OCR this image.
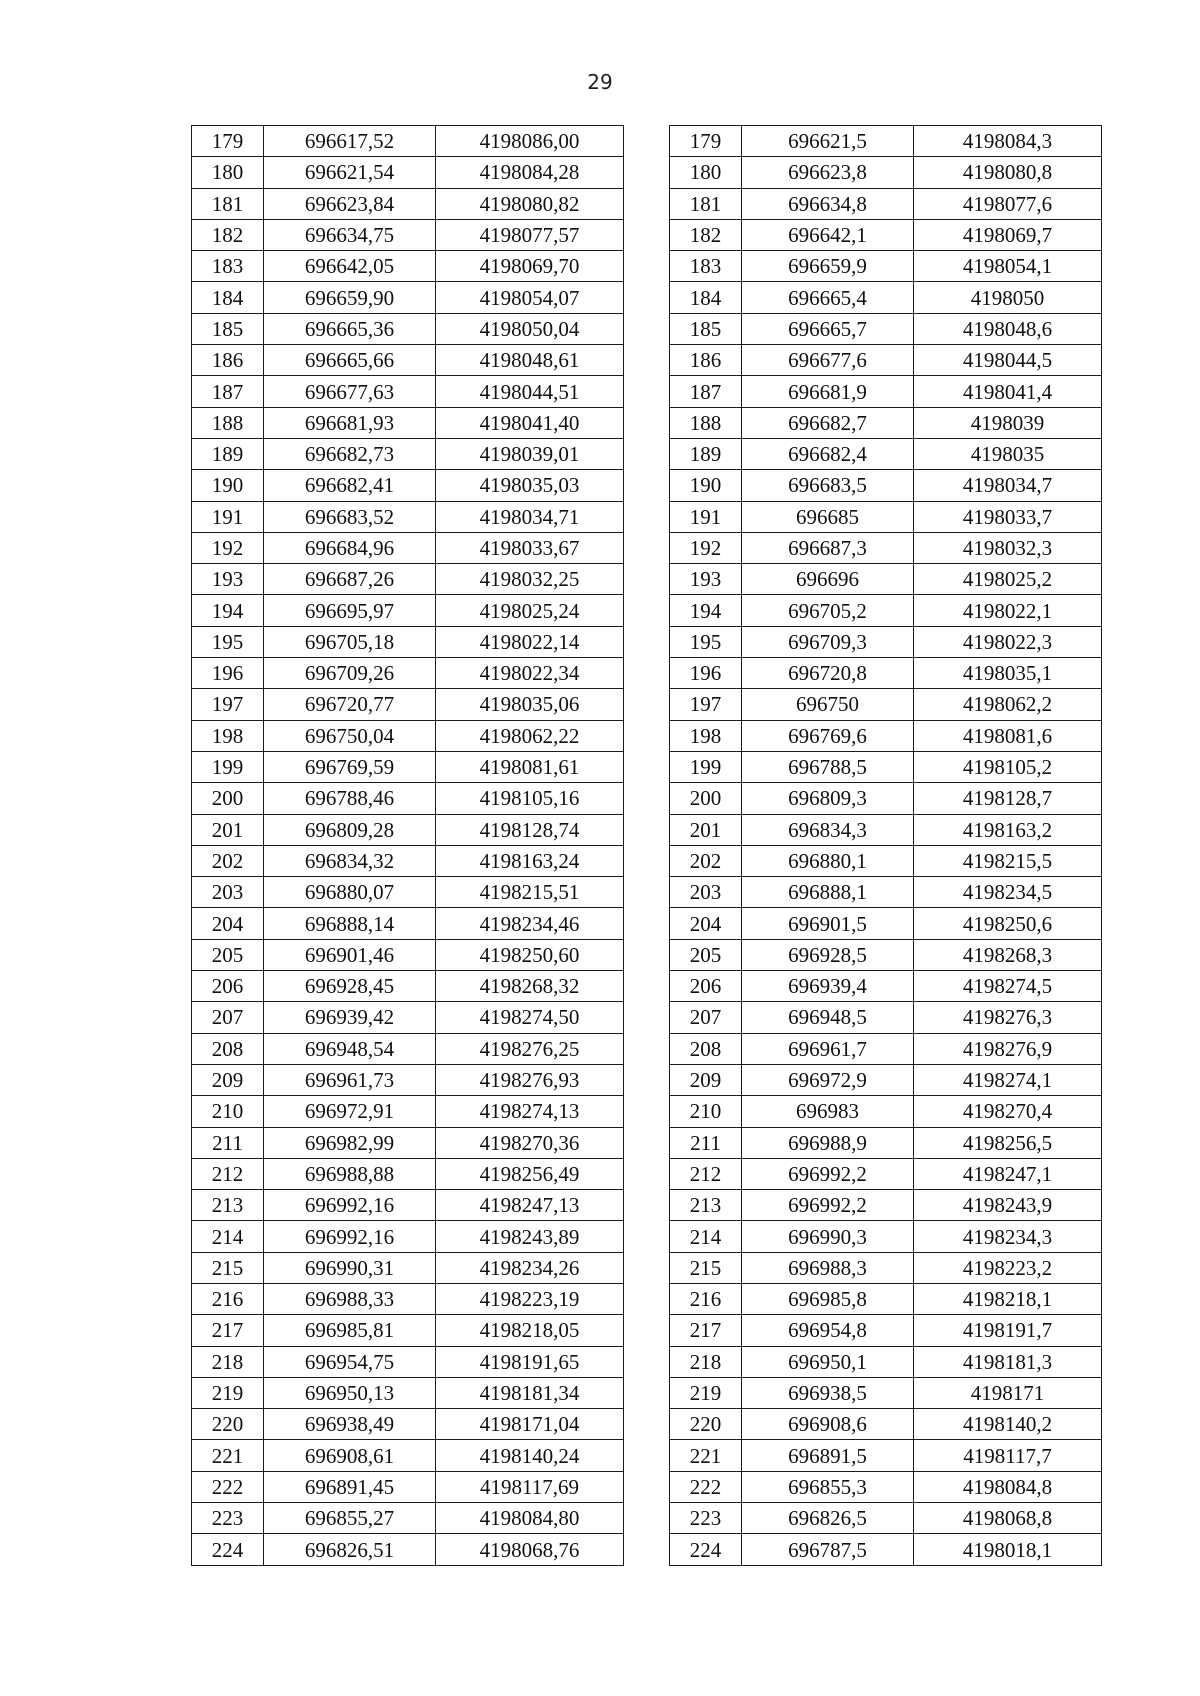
29
179	696617,52	4198086,00
180	696621,54	4198084,28
181	696623,84	4198080,82
182	696634,75	4198077,57
183	696642,05	4198069,70
184	696659,90	4198054,07
185	696665,36	4198050,04
186	696665,66	4198048,61
187	696677,63	4198044,51
188	696681,93	4198041,40
189	696682,73	4198039,01
190	696682,41	4198035,03
191	696683,52	4198034,71
192	696684,96	4198033,67
193	696687,26	4198032,25
194	696695,97	4198025,24
195	696705,18	4198022,14
196	696709,26	4198022,34
197	696720,77	4198035,06
198	696750,04	4198062,22
199	696769,59	4198081,61
200	696788,46	4198105,16
201	696809,28	4198128,74
202	696834,32	4198163,24
203	696880,07	4198215,51
204	696888,14	4198234,46
205	696901,46	4198250,60
206	696928,45	4198268,32
207	696939,42	4198274,50
208	696948,54	4198276,25
209	696961,73	4198276,93
210	696972,91	4198274,13
211	696982,99	4198270,36
212	696988,88	4198256,49
213	696992,16	4198247,13
214	696992,16	4198243,89
215	696990,31	4198234,26
216	696988,33	4198223,19
217	696985,81	4198218,05
218	696954,75	4198191,65
219	696950,13	4198181,34
220	696938,49	4198171,04
221	696908,61	4198140,24
222	696891,45	4198117,69
223	696855,27	4198084,80
224	696826,51	4198068,76
179	696621,5	4198084,3
180	696623,8	4198080,8
181	696634,8	4198077,6
182	696642,1	4198069,7
183	696659,9	4198054,1
184	696665,4	4198050
185	696665,7	4198048,6
186	696677,6	4198044,5
187	696681,9	4198041,4
188	696682,7	4198039
189	696682,4	4198035
190	696683,5	4198034,7
191	696685	4198033,7
192	696687,3	4198032,3
193	696696	4198025,2
194	696705,2	4198022,1
195	696709,3	4198022,3
196	696720,8	4198035,1
197	696750	4198062,2
198	696769,6	4198081,6
199	696788,5	4198105,2
200	696809,3	4198128,7
201	696834,3	4198163,2
202	696880,1	4198215,5
203	696888,1	4198234,5
204	696901,5	4198250,6
205	696928,5	4198268,3
206	696939,4	4198274,5
207	696948,5	4198276,3
208	696961,7	4198276,9
209	696972,9	4198274,1
210	696983	4198270,4
211	696988,9	4198256,5
212	696992,2	4198247,1
213	696992,2	4198243,9
214	696990,3	4198234,3
215	696988,3	4198223,2
216	696985,8	4198218,1
217	696954,8	4198191,7
218	696950,1	4198181,3
219	696938,5	4198171
220	696908,6	4198140,2
221	696891,5	4198117,7
222	696855,3	4198084,8
223	696826,5	4198068,8
224	696787,5	4198018,1
